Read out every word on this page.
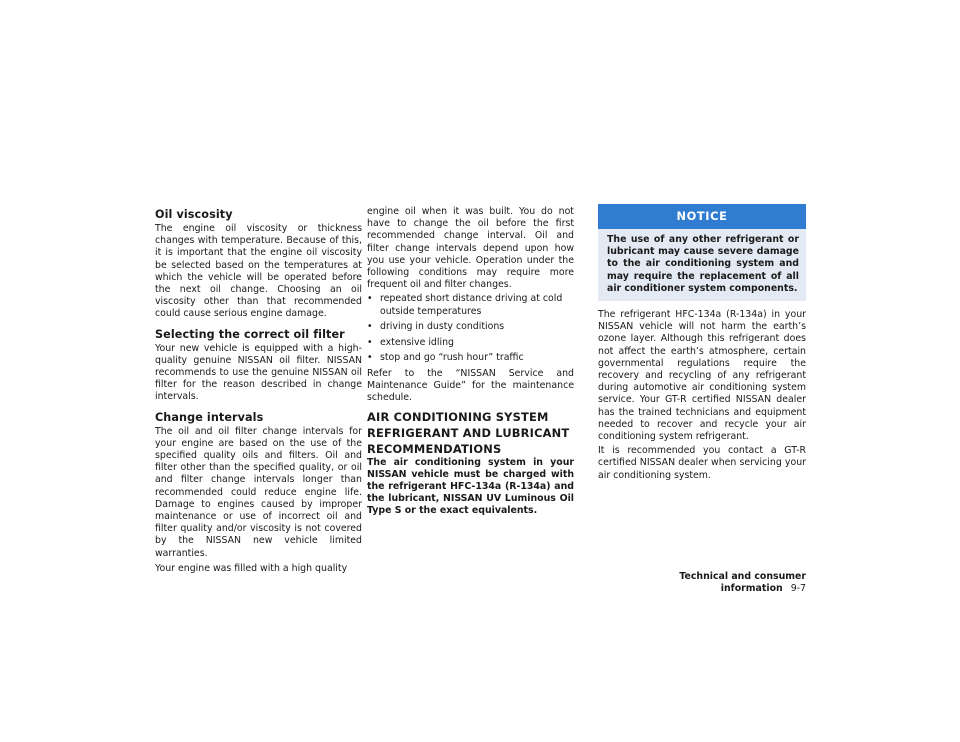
Oil viscosity

The engine oil viscosity or thickness changes with temperature. Because of this, it is important that the engine oil viscosity be selected based on the temperatures at which the vehicle will be operated before the next oil change. Choosing an oil viscosity other than that recommended could cause serious engine damage.

Selecting the correct oil filter

Your new vehicle is equipped with a high-quality genuine NISSAN oil filter. NISSAN recommends to use the genuine NISSAN oil filter for the reason described in change intervals.

Change intervals

The oil and oil filter change intervals for your engine are based on the use of the specified quality oils and filters. Oil and filter other than the specified quality, or oil and filter change intervals longer than recommended could reduce engine life. Damage to engines caused by improper maintenance or use of incorrect oil and filter quality and/or viscosity is not covered by the NISSAN new vehicle limited warranties.

Your engine was filled with a high quality

engine oil when it was built. You do not have to change the oil before the first recommended change interval. Oil and filter change intervals depend upon how you use your vehicle. Operation under the following conditions may require more frequent oil and filter changes.

• repeated short distance driving at cold outside temperatures
• driving in dusty conditions
• extensive idling
• stop and go “rush hour” traffic

Refer to the “NISSAN Service and Maintenance Guide” for the maintenance schedule.

AIR CONDITIONING SYSTEM REFRIGERANT AND LUBRICANT RECOMMENDATIONS
The air conditioning system in your NISSAN vehicle must be charged with the refrigerant HFC-134a (R-134a) and the lubricant, NISSAN UV Luminous Oil Type S or the exact equivalents.
NOTICE
The use of any other refrigerant or lubricant may cause severe damage to the air conditioning system and may require the replacement of all air conditioner system components.

The refrigerant HFC-134a (R-134a) in your NISSAN vehicle will not harm the earth’s ozone layer. Although this refrigerant does not affect the earth’s atmosphere, certain governmental regulations require the recovery and recycling of any refrigerant during automotive air conditioning system service. Your GT-R certified NISSAN dealer has the trained technicians and equipment needed to recover and recycle your air conditioning system refrigerant.

It is recommended you contact a GT-R certified NISSAN dealer when servicing your air conditioning system.

Technical and consumer information 9-7
